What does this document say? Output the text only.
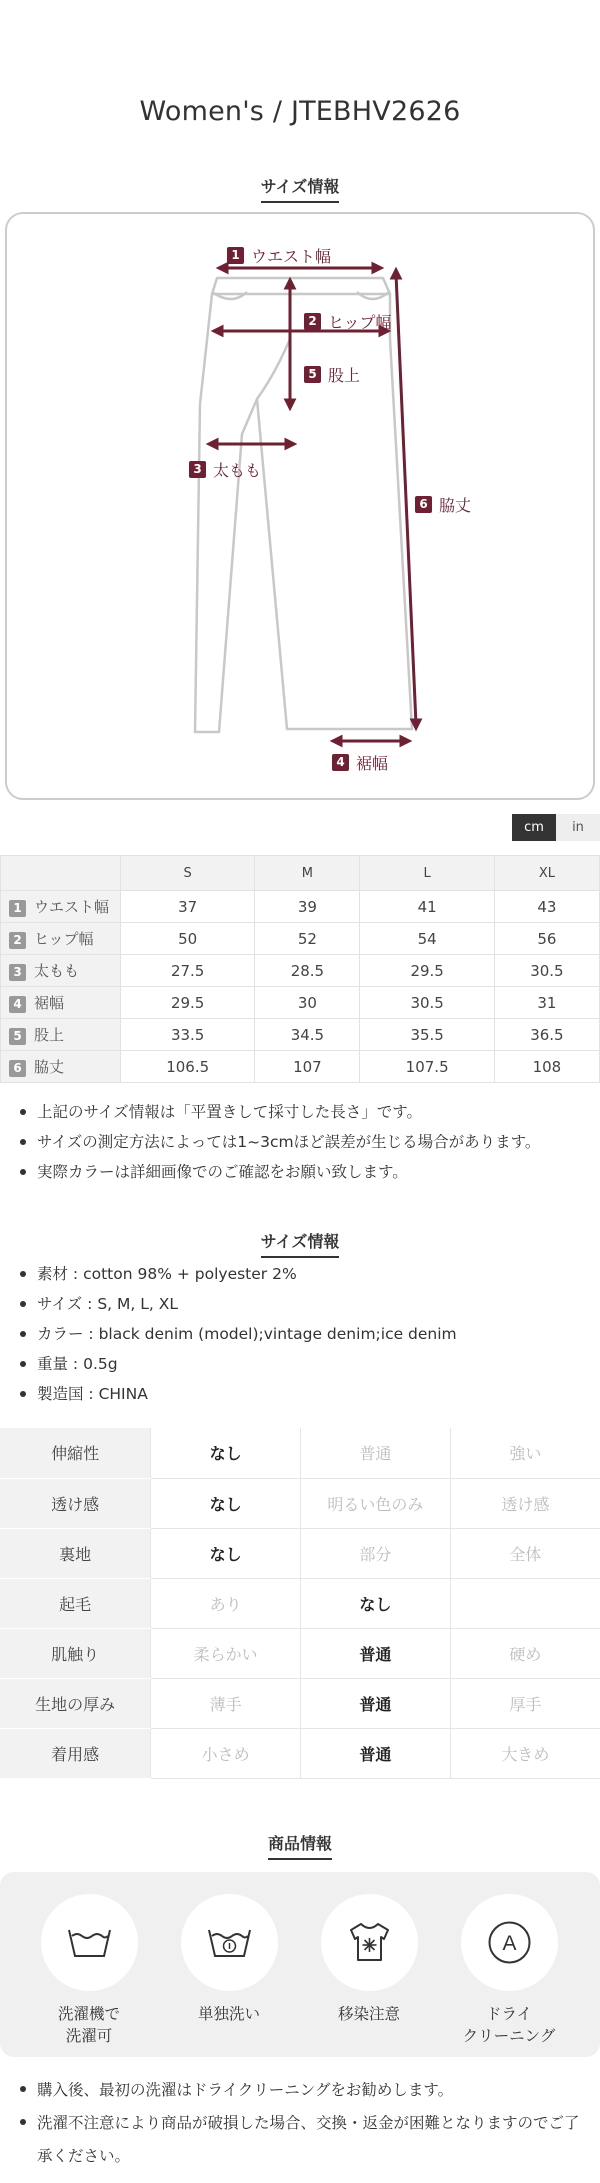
Women's / JTEBHV2626
サイズ情報
1 ウエスト幅
2 ヒップ幅
5 股上
3 太もも
6 脇丈
4 裾幅
cm	in
	S	M	L	XL
1 ウエスト幅	37	39	41	43
2 ヒップ幅	50	52	54	56
3 太もも	27.5	28.5	29.5	30.5
4 裾幅	29.5	30	30.5	31
5 股上	33.5	34.5	35.5	36.5
6 脇丈	106.5	107	107.5	108
上記のサイズ情報は「平置きして採寸した長さ」です。
サイズの測定方法によっては1~3cmほど誤差が生じる場合があります。
実際カラーは詳細画像でのご確認をお願い致します。
サイズ情報
素材 : cotton 98% + polyester 2%
サイズ : S, M, L, XL
カラー : black denim (model);vintage denim;ice denim
重量 : 0.5g
製造国 : CHINA
伸縮性	なし	普通	強い
透け感	なし	明るい色のみ	透け感
裏地	なし	部分	全体
起毛	あり	なし	
肌触り	柔らかい	普通	硬め
生地の厚み	薄手	普通	厚手
着用感	小さめ	普通	大きめ
商品情報
洗濯機で
洗濯可
単独洗い	移染注意
A
ドライ
クリーニング
購入後、最初の洗濯はドライクリーニングをお勧めします。
洗濯不注意により商品が破損した場合、交換・返金が困難となりますのでご了承ください。
